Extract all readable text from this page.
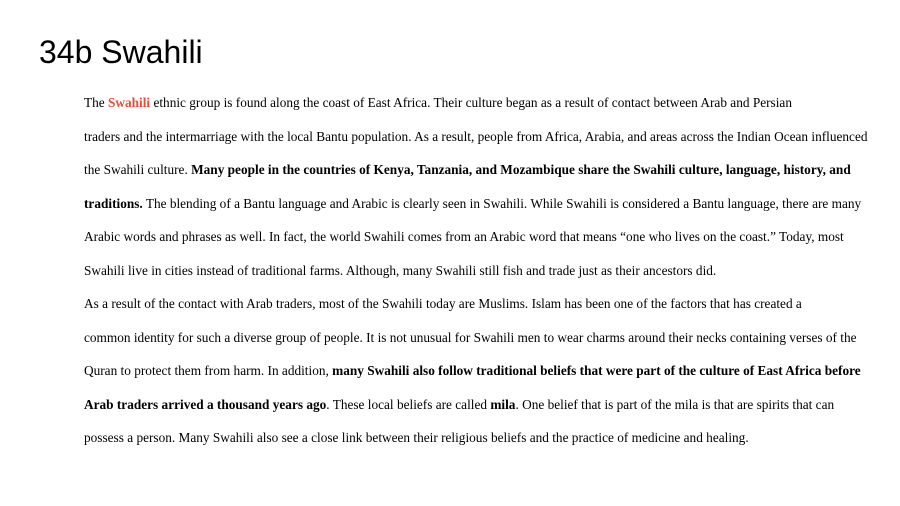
34b Swahili
The Swahili ethnic group is found along the coast of East Africa. Their culture began as a result of contact between Arab and Persian
traders and the intermarriage with the local Bantu population. As a result, people from Africa, Arabia, and areas across the Indian Ocean influenced
the Swahili culture. Many people in the countries of Kenya, Tanzania, and Mozambique share the Swahili culture, language, history, and
traditions. The blending of a Bantu language and Arabic is clearly seen in Swahili. While Swahili is considered a Bantu language, there are many
Arabic words and phrases as well. In fact, the world Swahili comes from an Arabic word that means “one who lives on the coast.” Today, most
Swahili live in cities instead of traditional farms. Although, many Swahili still fish and trade just as their ancestors did.
As a result of the contact with Arab traders, most of the Swahili today are Muslims. Islam has been one of the factors that has created a
common identity for such a diverse group of people. It is not unusual for Swahili men to wear charms around their necks containing verses of the
Quran to protect them from harm. In addition, many Swahili also follow traditional beliefs that were part of the culture of East Africa before
Arab traders arrived a thousand years ago. These local beliefs are called mila. One belief that is part of the mila is that are spirits that can
possess a person. Many Swahili also see a close link between their religious beliefs and the practice of medicine and healing.
